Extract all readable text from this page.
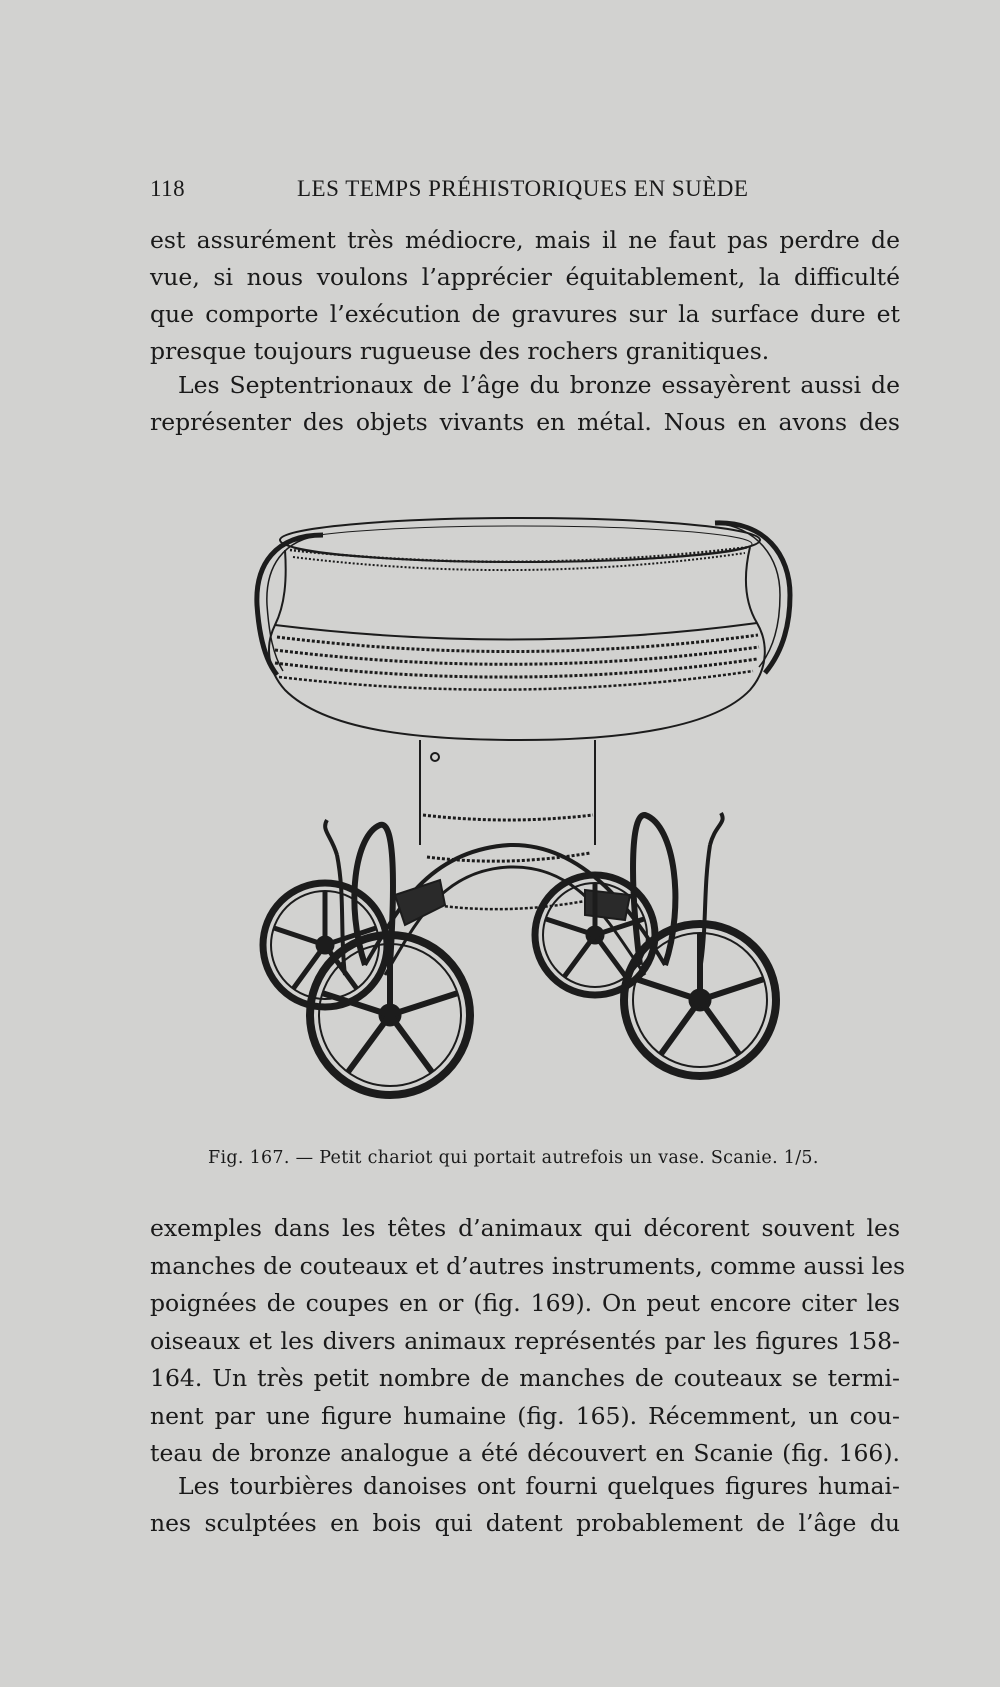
118	LES TEMPS PRÉHISTORIQUES EN SUÈDE
est assurément très médiocre, mais il ne faut pas perdre de
vue, si nous voulons l’apprécier équitablement, la difficulté
que comporte l’exécution de gravures sur la surface dure et
presque toujours rugueuse des rochers granitiques.
Les Septentrionaux de l’âge du bronze essayèrent aussi de
représenter des objets vivants en métal. Nous en avons des
Fig. 167. — Petit chariot qui portait autrefois un vase. Scanie. 1/5.
exemples dans les têtes d’animaux qui décorent souvent les
manches de couteaux et d’autres instruments, comme aussi les
poignées de coupes en or (fig. 169). On peut encore citer les
oiseaux et les divers animaux représentés par les figures 158-
164. Un très petit nombre de manches de couteaux se termi-
nent par une figure humaine (fig. 165). Récemment, un cou-
teau de bronze analogue a été découvert en Scanie (fig. 166).
Les tourbières danoises ont fourni quelques figures humai-
nes sculptées en bois qui datent probablement de l’âge du
